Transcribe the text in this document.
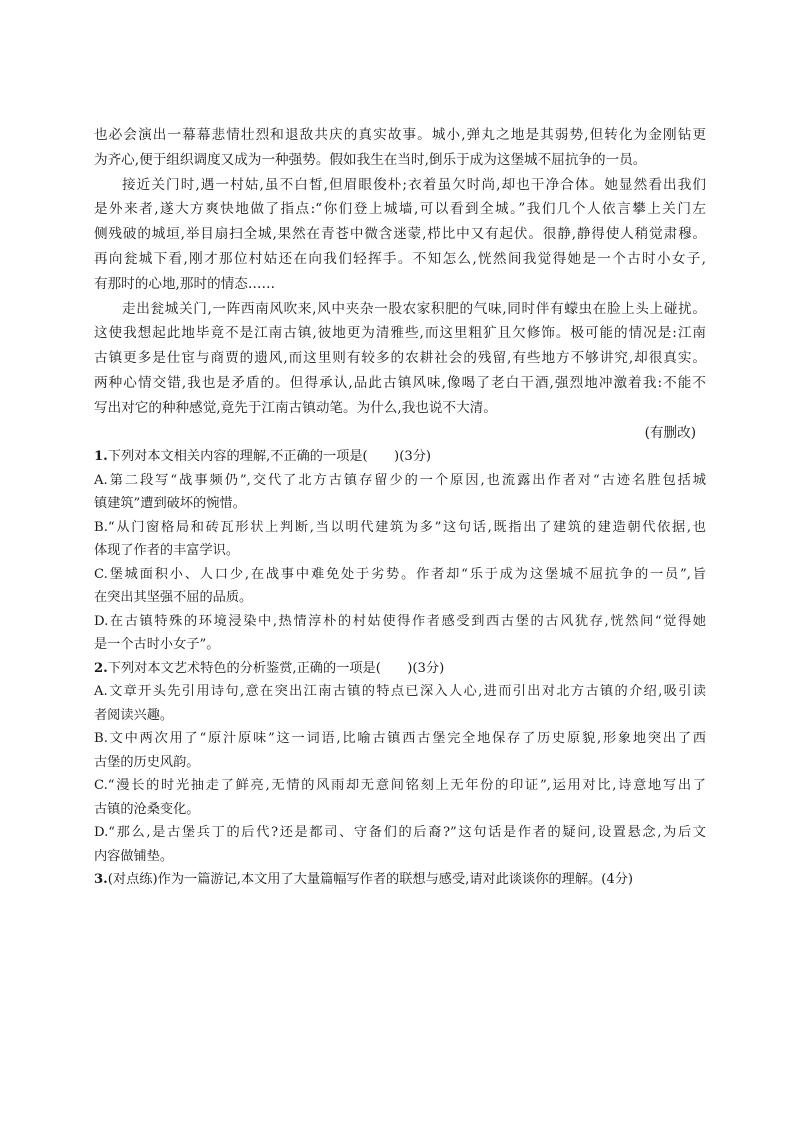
也必会演出一幕幕悲情壮烈和退敌共庆的真实故事。城小,弹丸之地是其弱势,但转化为金刚钻更
为齐心,便于组织调度又成为一种强势。假如我生在当时,倒乐于成为这堡城不屈抗争的一员。
接近关门时,遇一村姑,虽不白皙,但眉眼俊朴;衣着虽欠时尚,却也干净合体。她显然看出我们
是外来者,遂大方爽快地做了指点:“你们登上城墙,可以看到全城。”我们几个人依言攀上关门左
侧残破的城垣,举目扇扫全城,果然在青苍中微含迷蒙,栉比中又有起伏。很静,静得使人稍觉肃穆。
再向瓮城下看,刚才那位村姑还在向我们轻挥手。不知怎么,恍然间我觉得她是一个古时小女子,
有那时的心地,那时的情态……
走出瓮城关门,一阵西南风吹来,风中夹杂一股农家积肥的气味,同时伴有蠓虫在脸上头上碰扰。
这使我想起此地毕竟不是江南古镇,彼地更为清雅些,而这里粗犷且欠修饰。极可能的情况是:江南
古镇更多是仕宦与商贾的遗风,而这里则有较多的农耕社会的残留,有些地方不够讲究,却很真实。
两种心情交错,我也是矛盾的。但得承认,品此古镇风味,像喝了老白干酒,强烈地冲激着我:不能不
写出对它的种种感觉,竟先于江南古镇动笔。为什么,我也说不大清。
(有删改)
1.下列对本文相关内容的理解,不正确的一项是(　　)(3分)
A.第二段写“战事频仍”,交代了北方古镇存留少的一个原因,也流露出作者对“古迹名胜包括城
镇建筑”遭到破坏的惋惜。
B.“从门窗格局和砖瓦形状上判断,当以明代建筑为多”这句话,既指出了建筑的建造朝代依据,也
体现了作者的丰富学识。
C.堡城面积小、人口少,在战事中难免处于劣势。作者却“乐于成为这堡城不屈抗争的一员”,旨
在突出其坚强不屈的品质。
D.在古镇特殊的环境浸染中,热情淳朴的村姑使得作者感受到西古堡的古风犹存,恍然间“觉得她
是一个古时小女子”。
2.下列对本文艺术特色的分析鉴赏,正确的一项是(　　)(3分)
A.文章开头先引用诗句,意在突出江南古镇的特点已深入人心,进而引出对北方古镇的介绍,吸引读
者阅读兴趣。
B.文中两次用了“原汁原味”这一词语,比喻古镇西古堡完全地保存了历史原貌,形象地突出了西
古堡的历史风韵。
C.“漫长的时光抽走了鲜亮,无情的风雨却无意间铭刻上无年份的印证”,运用对比,诗意地写出了
古镇的沧桑变化。
D.“那么,是古堡兵丁的后代?还是都司、守备们的后裔?”这句话是作者的疑问,设置悬念,为后文
内容做铺垫。
3.(对点练)作为一篇游记,本文用了大量篇幅写作者的联想与感受,请对此谈谈你的理解。(4分)
